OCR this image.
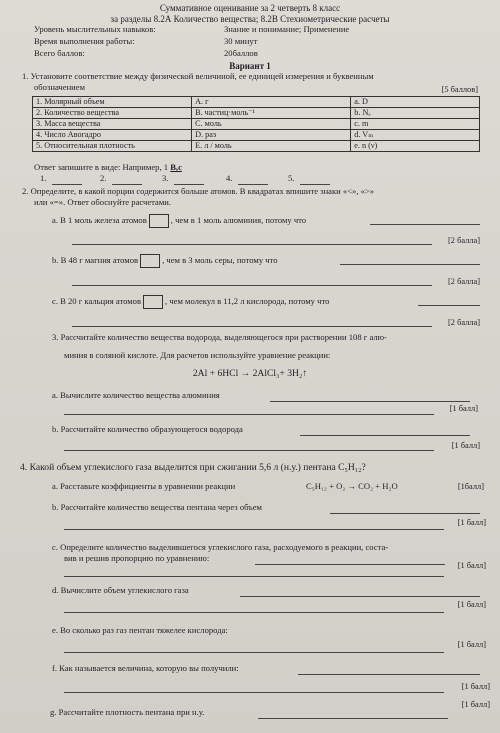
Суммативное оценивание за 2 четверть 8 класс
за разделы 8.2А Количество вещества; 8.2В Стехиометрические расчеты
Уровень мыслительных навыков:	Знание и понимание; Применение
Время выполнения работы:	30 минут
Всего баллов:	20баллов
Вариант 1
1. Установите соответствие между физической величиной, ее единицей измерения и буквенным
обозначением	[5 баллов]
1. Молярный объем	A. г	a. D
2. Количество вещества	B. частиц·моль⁻¹	b. Nₐ
3. Масса вещества	C. моль	c. m
4. Число Авогадро	D. раз	d. Vₘ
5. Относительная плотность	E. л / моль	e. n (ν)
Ответ запишите в виде: Например, 1 B,c
1.	2.	3.	4.	5.
2. Определите, в какой порции содержится больше атомов. В квадратах впишите знаки «<», «>»
или «=». Ответ обоснуйте расчетами.
a. В 1 моль железа атомов	, чем в 1 моль алюминия, потому что
[2 балла]
b. В 48 г магния атомов	, чем в 3 моль серы, потому что
[2 балла]
c. В 20 г кальция атомов	, чем молекул в 11,2 л кислорода, потому что
[2 балла]
3. Рассчитайте количество вещества водорода, выделяющегося при растворении 108 г алю-
миния в соляной кислоте. Для расчетов используйте уравнение реакции:
2Al + 6HCl → 2AlCl₃+ 3H₂↑
a. Вычислите количество вещества алюминия
[1 балл]
b. Рассчитайте количество образующегося водорода
[1 балл]
4. Какой объем углекислого газа выделится при сжигании 5,6 л (н.у.) пентана C₅H₁₂?
a. Расставьте коэффициенты в уравнении реакции	C₅H₁₂ + O₂ → CO₂ + H₂O	[1балл]
b. Рассчитайте количество вещества пентана через объем
[1 балл]
c. Определите количество выделившегося углекислого газа, расходуемого в реакции, соста-
вив и решив пропорцию по уравнению:
[1 балл]
d. Вычислите объем углекислого газа
[1 балл]
e. Во сколько раз газ пентан тяжелее кислорода:
[1 балл]
f. Как называется величина, которую вы получили:
[1 балл]
g. Рассчитайте плотность пентана при н.у.
[1 балл]
